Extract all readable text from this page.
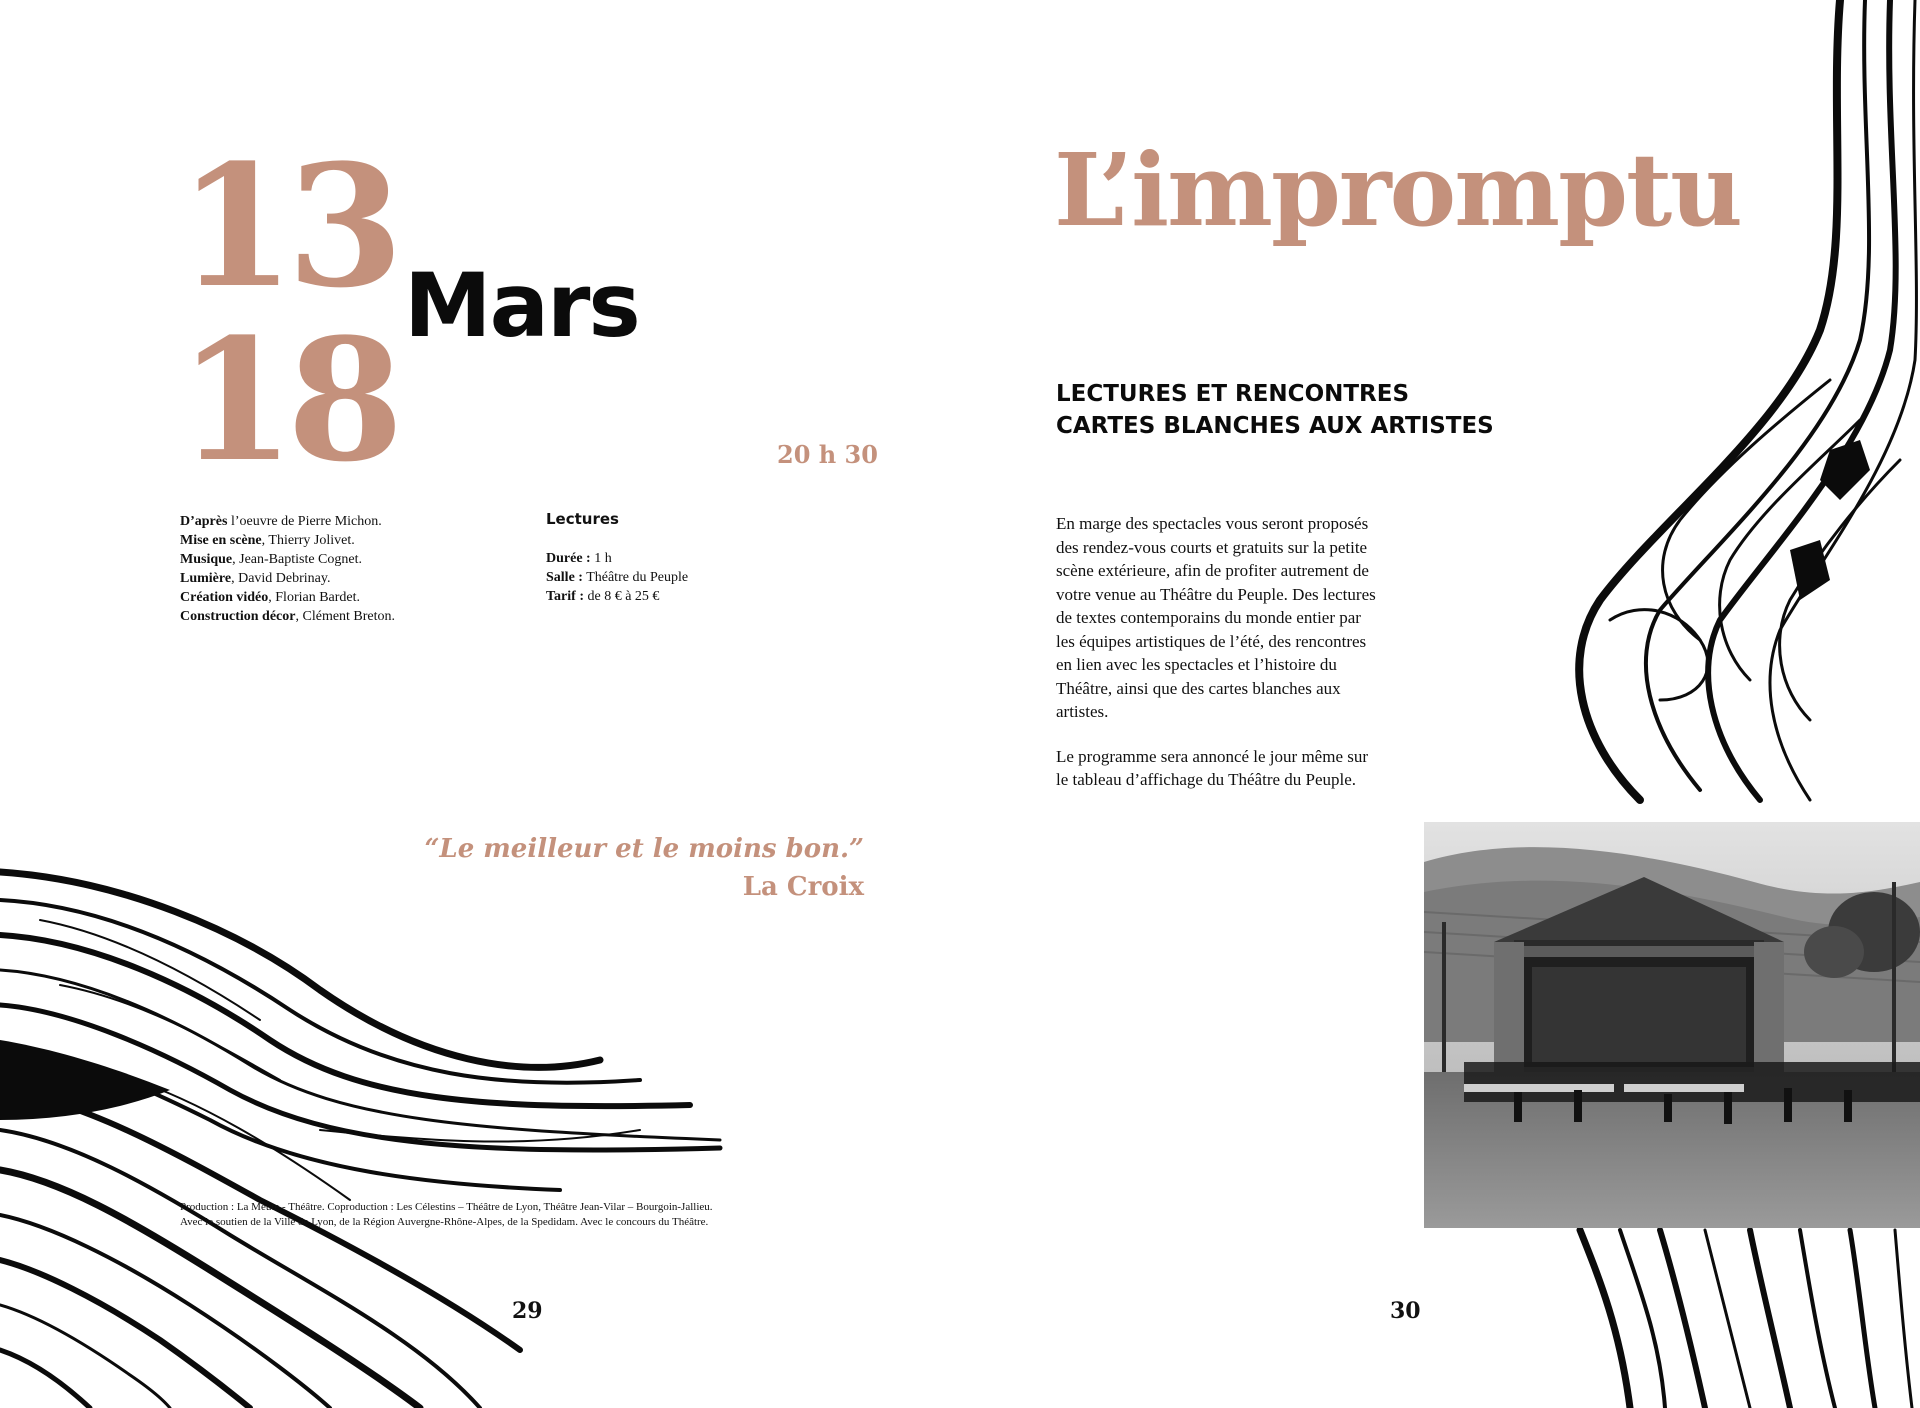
13
18 Mars
20 h 30
D’après l’oeuvre de Pierre Michon.
Mise en scène, Thierry Jolivet.
Musique, Jean-Baptiste Cognet.
Lumière, David Debrinay.
Création vidéo, Florian Bardet.
Construction décor, Clément Breton.
Lectures
Durée : 1 h
Salle : Théâtre du Peuple
Tarif : de 8 € à 25 €
“Le meilleur et le moins bon.”
La Croix
Production : La Meute - Théâtre. Coproduction : Les Célestins – Théâtre de Lyon, Théâtre Jean-Vilar – Bourgoin-Jallieu.
Avec le soutien de la Ville de Lyon, de la Région Auvergne-Rhône-Alpes, de la Spedidam. Avec le concours du Théâtre.
29
L’impromptu
LECTURES ET RENCONTRES
CARTES BLANCHES AUX ARTISTES

En marge des spectacles vous seront proposés des rendez-vous courts et gratuits sur la petite scène extérieure, afin de profiter autrement de votre venue au Théâtre du Peuple. Des lectures de textes contemporains du monde entier par les équipes artistiques de l’été, des rencontres en lien avec les spectacles et l’histoire du Théâtre, ainsi que des cartes blanches aux artistes.

Le programme sera annoncé le jour même sur le tableau d’affichage du Théâtre du Peuple.

30
